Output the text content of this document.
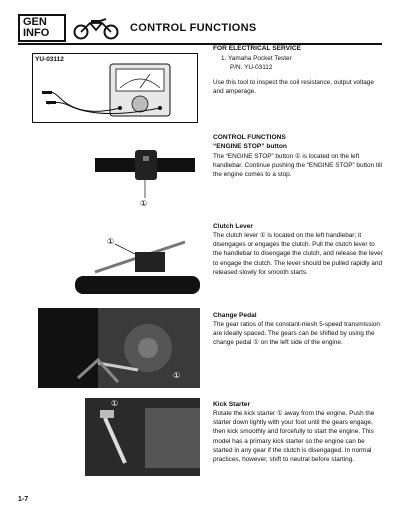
GEN
INFO	CONTROL FUNCTIONS
YU-03112
FOR ELECTRICAL SERVICE
1. Yamaha Pocket Tester
P/N. YU-03112
Use this tool to inspect the coil resistance, output voltage and amperage.
①
CONTROL FUNCTIONS
“ENGINE STOP” button
The “ENGINE STOP” button ① is located on the left handlebar. Continue pushing the “ENGINE STOP” button till the engine comes to a stop.
①
Clutch Lever
The clutch lever ① is located on the left handlebar; it disengages or engages the clutch. Pull the clutch lever to the handlebar to disengage the clutch, and release the lever to engage the clutch. The lever should be pulled rapidly and released slowly for smooth starts.
①
Change Pedal
The gear ratios of the constant-mesh 5-speed transmission are ideally spaced. The gears can be shifted by using the change pedal ① on the left side of the engine.
①	Kick Starter
Rotate the kick starter ① away from the engine. Push the starter down lightly with your foot until the gears engage, then kick smoothly and forcefully to start the engine. This model has a primary kick starter so the engine can be started in any gear if the clutch is disengaged. In normal practices, however, shift to neutral before starting.
1-7
